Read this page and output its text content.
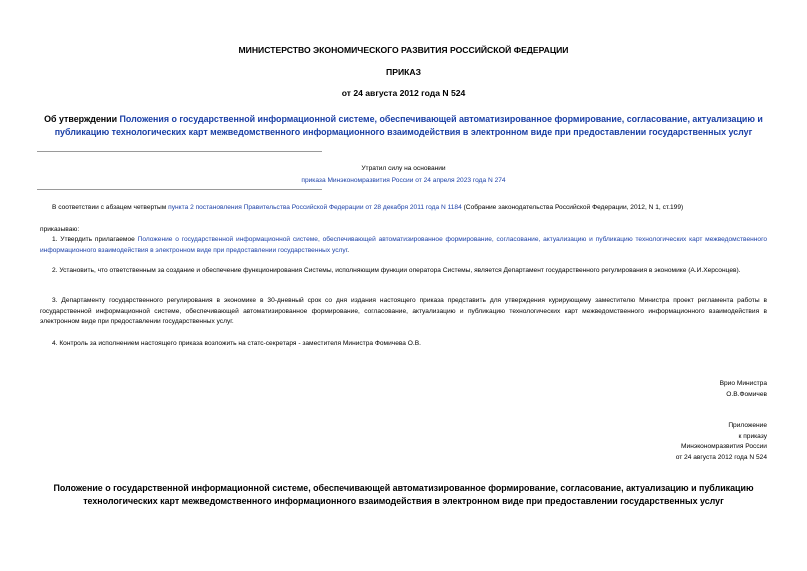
МИНИСТЕРСТВО ЭКОНОМИЧЕСКОГО РАЗВИТИЯ РОССИЙСКОЙ ФЕДЕРАЦИИ
ПРИКАЗ
от 24 августа 2012 года N 524
Об утверждении Положения о государственной информационной системе, обеспечивающей автоматизированное формирование, согласование, актуализацию и публикацию технологических карт межведомственного информационного взаимодействия в электронном виде при предоставлении государственных услуг
Утратил силу на основании
приказа Минэкономразвития России от 24 апреля 2023 года N 274
В соответствии с абзацем четвертым пункта 2 постановления Правительства Российской Федерации от 28 декабря 2011 года N 1184 (Собрание законодательства Российской Федерации, 2012, N 1, ст.199)
приказываю:
1. Утвердить прилагаемое Положение о государственной информационной системе, обеспечивающей автоматизированное формирование, согласование, актуализацию и публикацию технологических карт межведомственного информационного взаимодействия в электронном виде при предоставлении государственных услуг.
2. Установить, что ответственным за создание и обеспечение функционирования Системы, исполняющим функции оператора Системы, является Департамент государственного регулирования в экономике (А.И.Херсонцев).
3. Департаменту государственного регулирования в экономике в 30-дневный срок со дня издания настоящего приказа представить для утверждения курирующему заместителю Министра проект регламента работы в государственной информационной системе, обеспечивающей автоматизированное формирование, согласование, актуализацию и публикацию технологических карт межведомственного информационного взаимодействия в электронном виде при предоставлении государственных услуг.
4. Контроль за исполнением настоящего приказа возложить на статс-секретаря - заместителя Министра Фомичева О.В.
Врио Министра
О.В.Фомичев
Приложение
к приказу
Минэкономразвития России
от 24 августа 2012 года N 524
Положение о государственной информационной системе, обеспечивающей автоматизированное формирование, согласование, актуализацию и публикацию технологических карт межведомственного информационного взаимодействия в электронном виде при предоставлении государственных услуг
